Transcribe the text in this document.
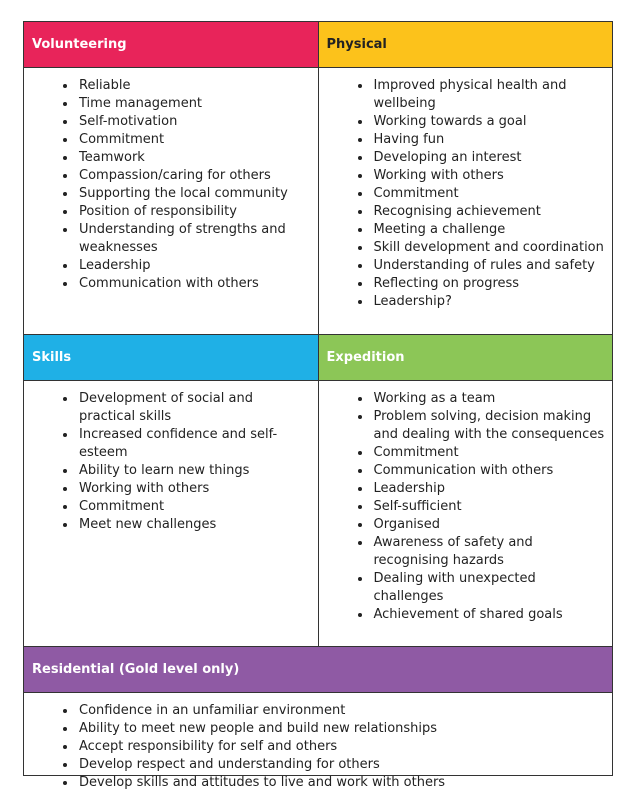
Volunteering	Physical
• Reliable
• Time management
• Self-motivation
• Commitment
• Teamwork
• Compassion/caring for others
• Supporting the local community
• Position of responsibility
• Understanding of strengths and weaknesses
• Leadership
• Communication with others
• Improved physical health and wellbeing
• Working towards a goal
• Having fun
• Developing an interest
• Working with others
• Commitment
• Recognising achievement
• Meeting a challenge
• Skill development and coordination
• Understanding of rules and safety
• Reflecting on progress
• Leadership?
Skills	Expedition
• Development of social and practical skills
• Increased confidence and self-esteem
• Ability to learn new things
• Working with others
• Commitment
• Meet new challenges
• Working as a team
• Problem solving, decision making and dealing with the consequences
• Commitment
• Communication with others
• Leadership
• Self-sufficient
• Organised
• Awareness of safety and recognising hazards
• Dealing with unexpected challenges
• Achievement of shared goals
Residential (Gold level only)
• Confidence in an unfamiliar environment
• Ability to meet new people and build new relationships
• Accept responsibility for self and others
• Develop respect and understanding for others
• Develop skills and attitudes to live and work with others
